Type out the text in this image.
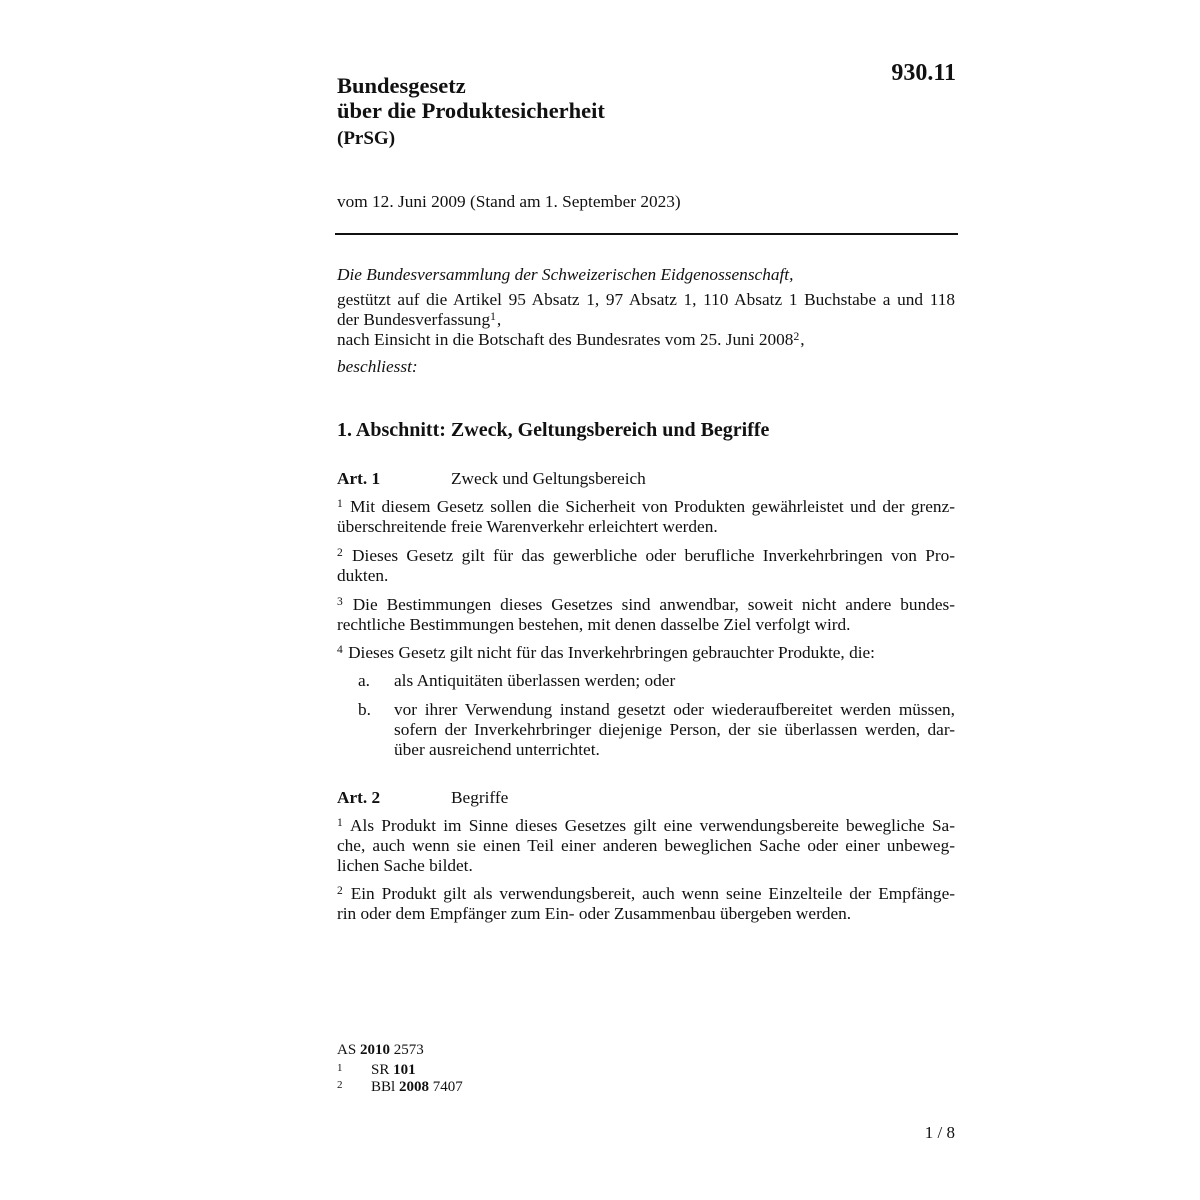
930.11
Bundesgesetz
über die Produktesicherheit
(PrSG)
vom 12. Juni 2009 (Stand am 1. September 2023)
Die Bundesversammlung der Schweizerischen Eidgenossenschaft,
gestützt auf die Artikel 95 Absatz 1, 97 Absatz 1, 110 Absatz 1 Buchstabe a und 118
der Bundesverfassung$^1$,
nach Einsicht in die Botschaft des Bundesrates vom 25. Juni 2008$^2$,
beschliesst:
1. Abschnitt: Zweck, Geltungsbereich und Begriffe
Art. 1	Zweck und Geltungsbereich
$^1$ Mit diesem Gesetz sollen die Sicherheit von Produkten gewährleistet und der grenz-
überschreitende freie Warenverkehr erleichtert werden.
$^2$ Dieses Gesetz gilt für das gewerbliche oder berufliche Inverkehrbringen von Pro-
dukten.
$^3$ Die Bestimmungen dieses Gesetzes sind anwendbar, soweit nicht andere bundes-
rechtliche Bestimmungen bestehen, mit denen dasselbe Ziel verfolgt wird.
$^4$ Dieses Gesetz gilt nicht für das Inverkehrbringen gebrauchter Produkte, die:
a. als Antiquitäten überlassen werden; oder
b. vor ihrer Verwendung instand gesetzt oder wiederaufbereitet werden müssen,
sofern der Inverkehrbringer diejenige Person, der sie überlassen werden, dar-
über ausreichend unterrichtet.
Art. 2	Begriffe
$^1$ Als Produkt im Sinne dieses Gesetzes gilt eine verwendungsbereite bewegliche Sa-
che, auch wenn sie einen Teil einer anderen beweglichen Sache oder einer unbeweg-
lichen Sache bildet.
$^2$ Ein Produkt gilt als verwendungsbereit, auch wenn seine Einzelteile der Empfänge-
rin oder dem Empfänger zum Ein- oder Zusammenbau übergeben werden.
AS 2010 2573
1 SR 101
2 BBl 2008 7407
1 / 8
